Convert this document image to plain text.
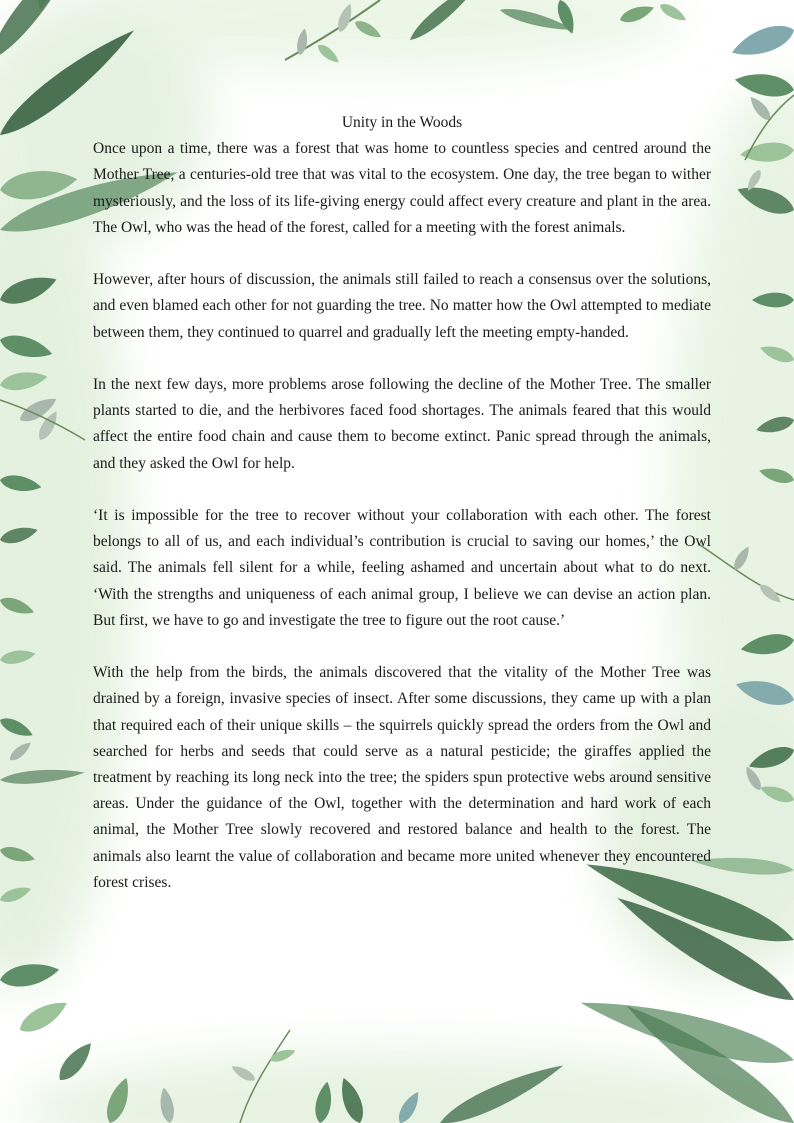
Unity in the Woods

Once upon a time, there was a forest that was home to countless species and centred around the Mother Tree, a centuries-old tree that was vital to the ecosystem. One day, the tree began to wither mysteriously, and the loss of its life-giving energy could affect every creature and plant in the area. The Owl, who was the head of the forest, called for a meeting with the forest animals.

However, after hours of discussion, the animals still failed to reach a consensus over the solutions, and even blamed each other for not guarding the tree. No matter how the Owl attempted to mediate between them, they continued to quarrel and gradually left the meeting empty-handed.

In the next few days, more problems arose following the decline of the Mother Tree. The smaller plants started to die, and the herbivores faced food shortages. The animals feared that this would affect the entire food chain and cause them to become extinct. Panic spread through the animals, and they asked the Owl for help.

‘It is impossible for the tree to recover without your collaboration with each other. The forest belongs to all of us, and each individual’s contribution is crucial to saving our homes,’ the Owl said. The animals fell silent for a while, feeling ashamed and uncertain about what to do next. ‘With the strengths and uniqueness of each animal group, I believe we can devise an action plan. But first, we have to go and investigate the tree to figure out the root cause.’

With the help from the birds, the animals discovered that the vitality of the Mother Tree was drained by a foreign, invasive species of insect. After some discussions, they came up with a plan that required each of their unique skills – the squirrels quickly spread the orders from the Owl and searched for herbs and seeds that could serve as a natural pesticide; the giraffes applied the treatment by reaching its long neck into the tree; the spiders spun protective webs around sensitive areas. Under the guidance of the Owl, together with the determination and hard work of each animal, the Mother Tree slowly recovered and restored balance and health to the forest. The animals also learnt the value of collaboration and became more united whenever they encountered forest crises.
